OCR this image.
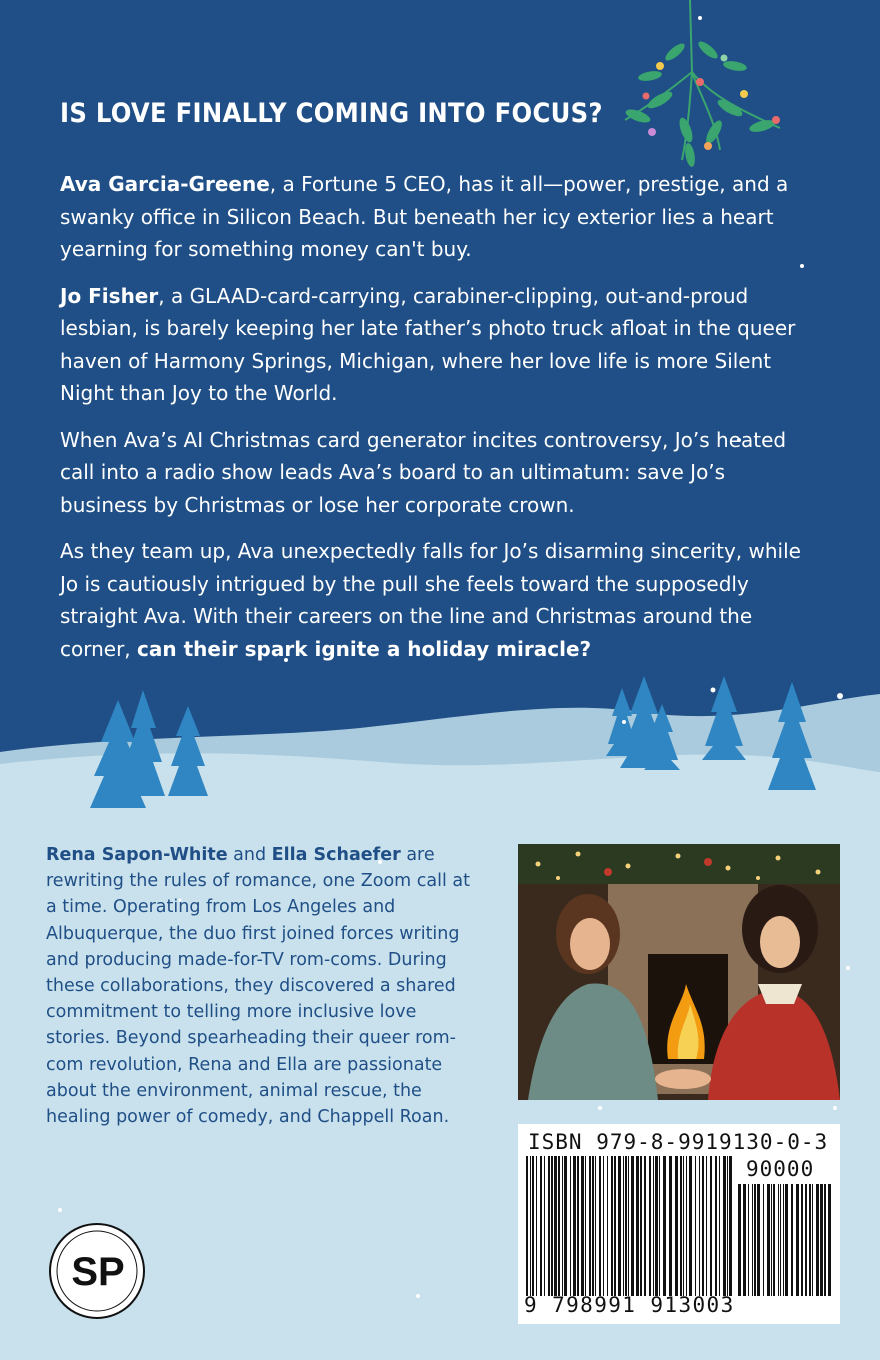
IS LOVE FINALLY COMING INTO FOCUS?

Ava Garcia-Greene, a Fortune 5 CEO, has it all—power, prestige, and a swanky office in Silicon Beach. But beneath her icy exterior lies a heart yearning for something money can't buy.

Jo Fisher, a GLAAD-card-carrying, carabiner-clipping, out-and-proud lesbian, is barely keeping her late father’s photo truck afloat in the queer haven of Harmony Springs, Michigan, where her love life is more Silent Night than Joy to the World.

When Ava’s AI Christmas card generator incites controversy, Jo’s heated call into a radio show leads Ava’s board to an ultimatum: save Jo’s business by Christmas or lose her corporate crown.

As they team up, Ava unexpectedly falls for Jo’s disarming sincerity, while Jo is cautiously intrigued by the pull she feels toward the supposedly straight Ava. With their careers on the line and Christmas around the corner, can their spark ignite a holiday miracle?

Rena Sapon-White and Ella Schaefer are rewriting the rules of romance, one Zoom call at a time. Operating from Los Angeles and Albuquerque, the duo first joined forces writing and producing made-for-TV rom-coms. During these collaborations, they discovered a shared commitment to telling more inclusive love stories. Beyond spearheading their queer rom-com revolution, Rena and Ella are passionate about the environment, animal rescue, the healing power of comedy, and Chappell Roan.

ISBN 979-8-9919130-0-3
90000
9 798991 913003
SP
